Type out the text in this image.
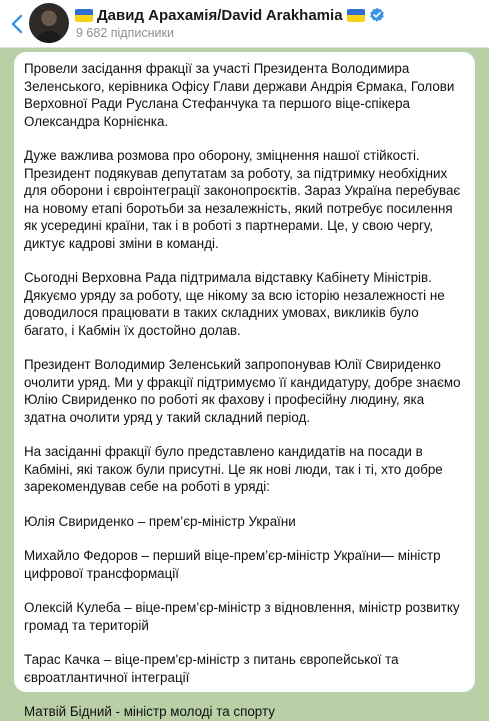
Давид Арахамія/David Arakhamia
9 682 підписники

Провели засідання фракції за участі Президента Володимира Зеленського, керівника Офісу Глави держави Андрія Єрмака, Голови Верховної Ради Руслана Стефанчука та першого віце-спікера Олександра Корнієнка.

Дуже важлива розмова про оборону, зміцнення нашої стійкості. Президент подякував депутатам за роботу, за підтримку необхідних для оборони і євроінтеграції законопроєктів. Зараз Україна перебуває на новому етапі боротьби за незалежність, який потребує посилення як усередині країни, так і в роботі з партнерами. Це, у свою чергу, диктує кадрові зміни в команді.

Сьогодні Верховна Рада підтримала відставку Кабінету Міністрів. Дякуємо уряду за роботу, ще нікому за всю історію незалежності не доводилося працювати в таких складних умовах, викликів було багато, і Кабмін їх достойно долав.

Президент Володимир Зеленський запропонував Юлії Свириденко очолити уряд. Ми у фракції підтримуємо її кандидатуру, добре знаємо Юлію Свириденко по роботі як фахову і професійну людину, яка здатна очолити уряд у такий складний період.

На засіданні фракції було представлено кандидатів на посади в Кабміні, які також були присутні. Це як нові люди, так і ті, хто добре зарекомендував себе на роботі в уряді:

Юлія Свириденко – прем’єр-міністр України

Михайло Федоров – перший віце-прем’єр-міністр України— міністр цифрової трансформації

Олексій Кулеба – віце-прем’єр-міністр з відновлення, міністр розвитку громад та територій

Тарас Качка – віце-прем'єр-міністр з питань європейської та євроатлантичної інтеграції

Матвій Бідний - міністр молоді та спорту
